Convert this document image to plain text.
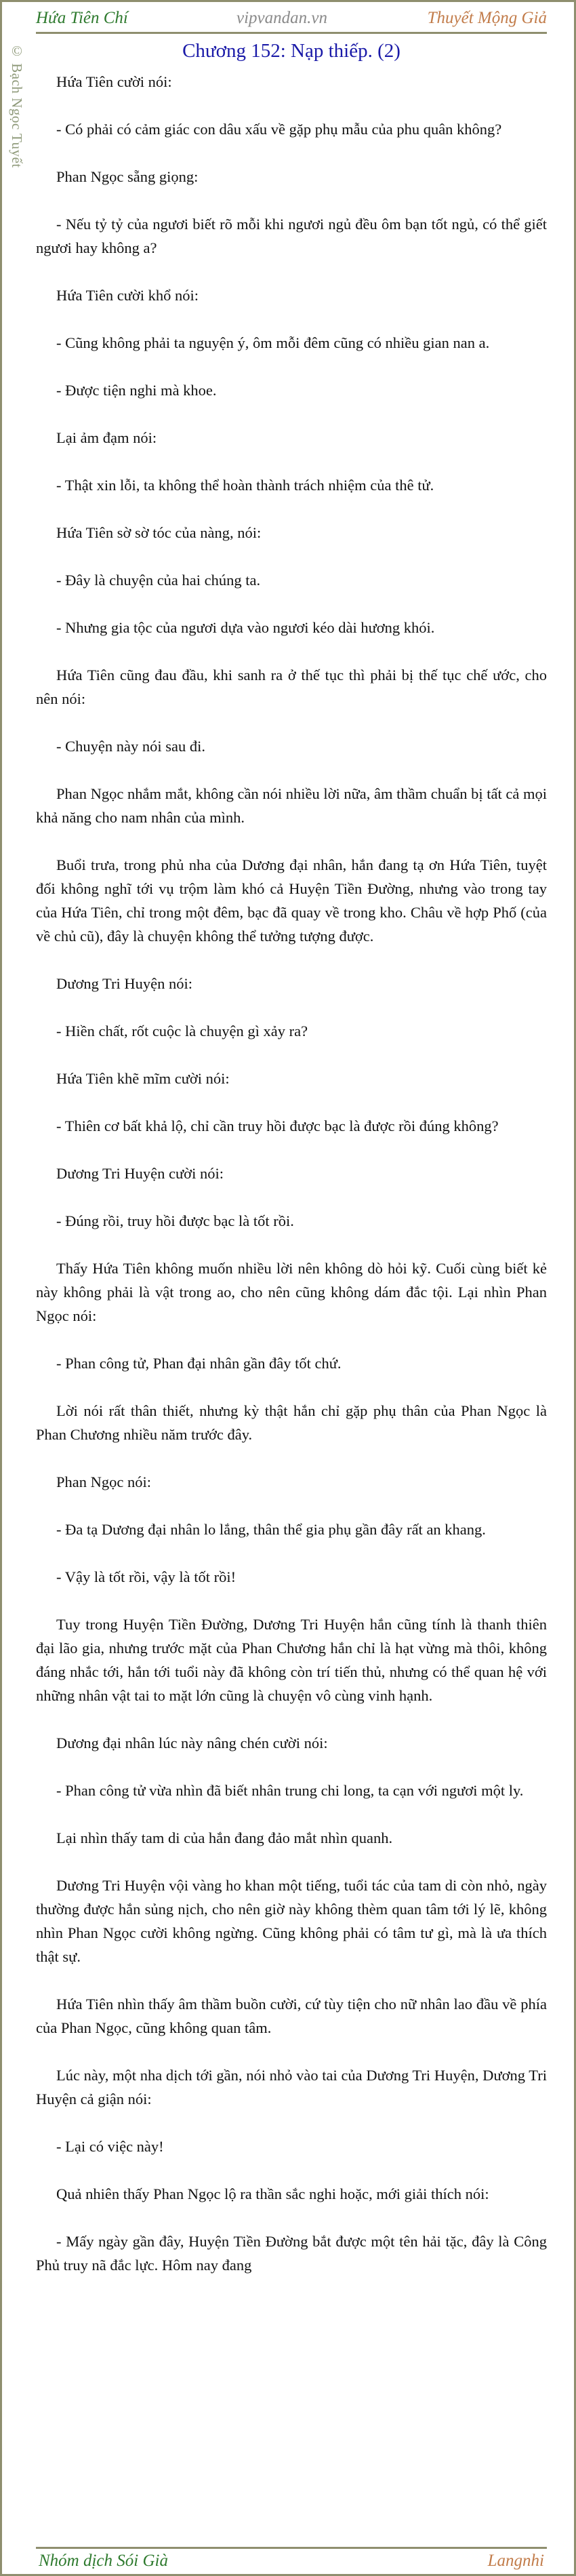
Hứa Tiên Chí	vipvandan.vn	Thuyết Mộng Giả
© Bạch Ngọc Tuyết	Chương 152: Nạp thiếp. (2)

Hứa Tiên cười nói:

- Có phải có cảm giác con dâu xấu về gặp phụ mẫu của phu quân không?

Phan Ngọc sẵng giọng:

- Nếu tỷ tỷ của ngươi biết rõ mỗi khi ngươi ngủ đều ôm bạn tốt ngủ, có thể giết ngươi hay không a?

Hứa Tiên cười khổ nói:

- Cũng không phải ta nguyện ý, ôm mỗi đêm cũng có nhiều gian nan a.

- Được tiện nghi mà khoe.

Lại ảm đạm nói:

- Thật xin lỗi, ta không thể hoàn thành trách nhiệm của thê tử.

Hứa Tiên sờ sờ tóc của nàng, nói:

- Đây là chuyện của hai chúng ta.

- Nhưng gia tộc của ngươi dựa vào ngươi kéo dài hương khói.

Hứa Tiên cũng đau đầu, khi sanh ra ở thế tục thì phải bị thế tục chế ước, cho nên nói:

- Chuyện này nói sau đi.

Phan Ngọc nhắm mắt, không cần nói nhiều lời nữa, âm thầm chuẩn bị tất cả mọi khả năng cho nam nhân của mình.

Buổi trưa, trong phủ nha của Dương đại nhân, hắn đang tạ ơn Hứa Tiên, tuyệt đối không nghĩ tới vụ trộm làm khó cả Huyện Tiền Đường, nhưng vào trong tay của Hứa Tiên, chỉ trong một đêm, bạc đã quay về trong kho. Châu về hợp Phố (của về chủ cũ), đây là chuyện không thể tưởng tượng được.

Dương Tri Huyện nói:

- Hiền chất, rốt cuộc là chuyện gì xảy ra?

Hứa Tiên khẽ mĩm cười nói:

- Thiên cơ bất khả lộ, chỉ cần truy hồi được bạc là được rồi đúng không?

Dương Tri Huyện cười nói:

- Đúng rồi, truy hồi được bạc là tốt rồi.

Thấy Hứa Tiên không muốn nhiều lời nên không dò hỏi kỹ. Cuối cùng biết kẻ này không phải là vật trong ao, cho nên cũng không dám đắc tội. Lại nhìn Phan Ngọc nói:

- Phan công tử, Phan đại nhân gần đây tốt chứ.

Lời nói rất thân thiết, nhưng kỳ thật hắn chỉ gặp phụ thân của Phan Ngọc là Phan Chương nhiều năm trước đây.

Phan Ngọc nói:

- Đa tạ Dương đại nhân lo lắng, thân thể gia phụ gần đây rất an khang.

- Vậy là tốt rồi, vậy là tốt rồi!

Tuy trong Huyện Tiền Đường, Dương Tri Huyện hắn cũng tính là thanh thiên đại lão gia, nhưng trước mặt của Phan Chương hắn chỉ là hạt vừng mà thôi, không đáng nhắc tới, hắn tới tuổi này đã không còn trí tiến thủ, nhưng có thể quan hệ với những nhân vật tai to mặt lớn cũng là chuyện vô cùng vinh hạnh.

Dương đại nhân lúc này nâng chén cười nói:

- Phan công tử vừa nhìn đã biết nhân trung chi long, ta cạn với ngươi một ly.

Lại nhìn thấy tam di của hắn đang đảo mắt nhìn quanh.

Dương Tri Huyện vội vàng ho khan một tiếng, tuổi tác của tam di còn nhỏ, ngày thường được hắn sủng nịch, cho nên giờ này không thèm quan tâm tới lý lẽ, không nhìn Phan Ngọc cười không ngừng. Cũng không phải có tâm tư gì, mà là ưa thích thật sự.

Hứa Tiên nhìn thấy âm thầm buồn cười, cứ tùy tiện cho nữ nhân lao đầu về phía của Phan Ngọc, cũng không quan tâm.

Lúc này, một nha dịch tới gần, nói nhỏ vào tai của Dương Tri Huyện, Dương Tri Huyện cả giận nói:

- Lại có việc này!

Quả nhiên thấy Phan Ngọc lộ ra thần sắc nghi hoặc, mới giải thích nói:

- Mấy ngày gần đây, Huyện Tiền Đường bắt được một tên hải tặc, đây là Công Phủ truy nã đắc lực. Hôm nay đang

Nhóm dịch Sói Già	Langnhi
